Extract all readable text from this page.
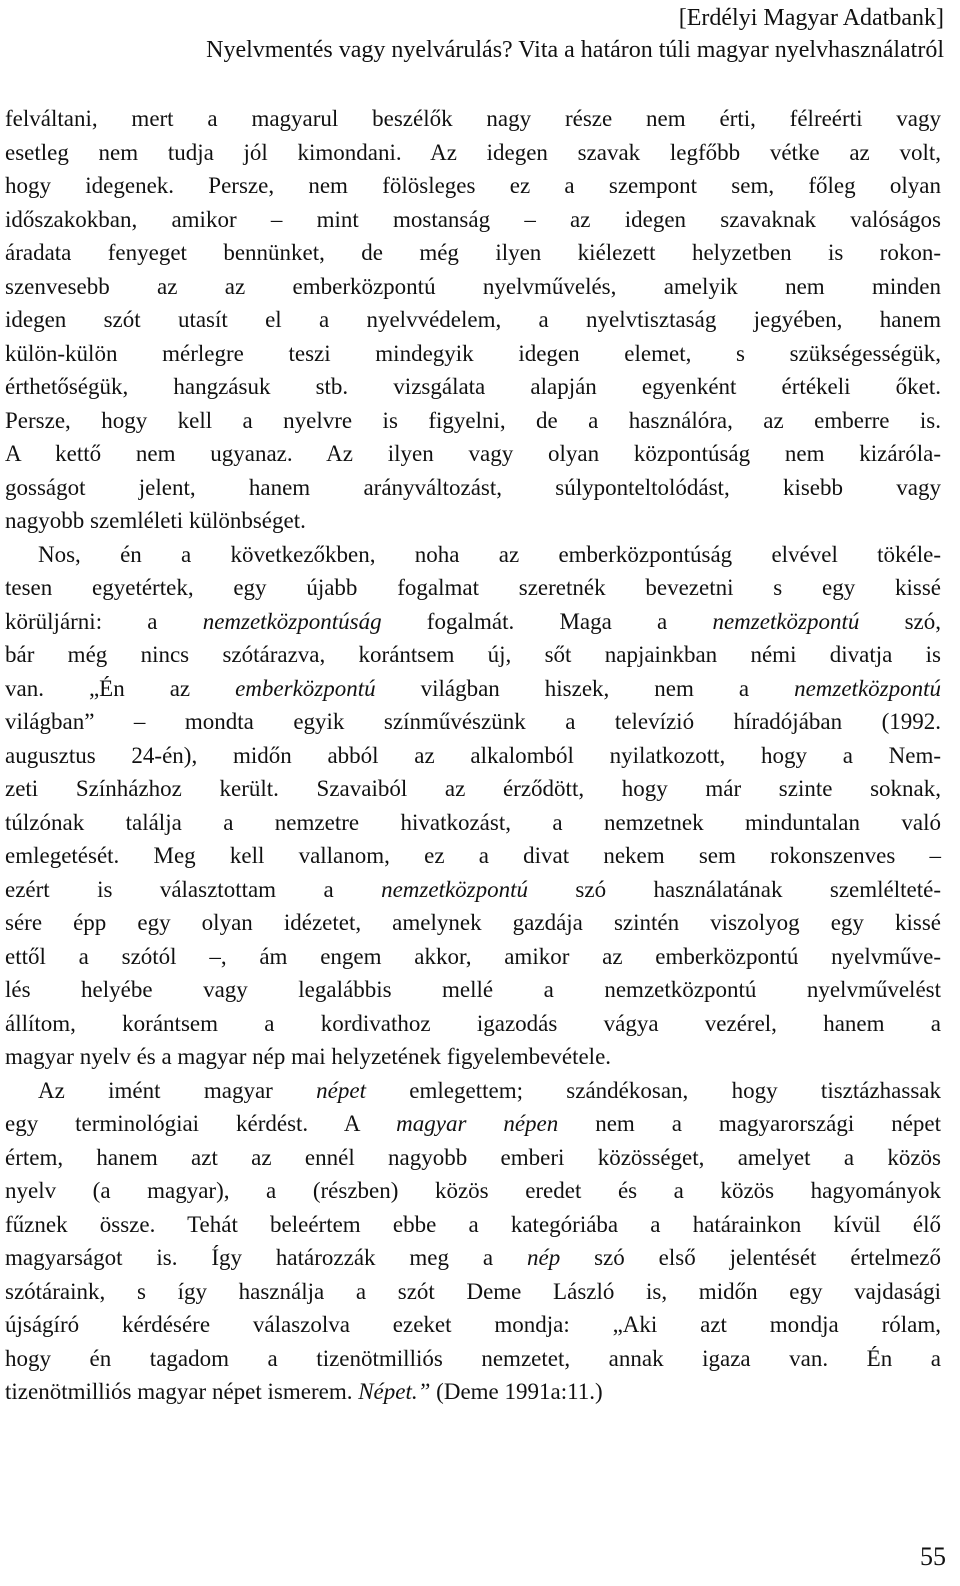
[Erdélyi Magyar Adatbank]
Nyelvmentés vagy nyelvárulás? Vita a határon túli magyar nyelvhasználatról

felváltani, mert a magyarul beszélők nagy része nem érti, félreérti vagy
esetleg nem tudja jól kimondani. Az idegen szavak legfőbb vétke az volt,
hogy idegenek. Persze, nem fölösleges ez a szempont sem, főleg olyan
időszakokban, amikor – mint mostanság – az idegen szavaknak valóságos
áradata fenyeget bennünket, de még ilyen kiélezett helyzetben is rokon-
szenvesebb az az emberközpontú nyelvművelés, amelyik nem minden
idegen szót utasít el a nyelvvédelem, a nyelvtisztaság jegyében, hanem
külön-külön mérlegre teszi mindegyik idegen elemet, s szükségességük,
érthetőségük, hangzásuk stb. vizsgálata alapján egyenként értékeli őket.
Persze, hogy kell a nyelvre is figyelni, de a használóra, az emberre is.
A kettő nem ugyanaz. Az ilyen vagy olyan központúság nem kizáróla-
gosságot jelent, hanem arányváltozást, súlyponteltolódást, kisebb vagy
nagyobb szemléleti különbséget.

Nos, én a következőkben, noha az emberközpontúság elvével tökéle-
tesen egyetértek, egy újabb fogalmat szeretnék bevezetni s egy kissé
körüljárni: a nemzetközpontúság fogalmát. Maga a nemzetközpontú szó,
bár még nincs szótárazva, korántsem új, sőt napjainkban némi divatja is
van. „Én az emberközpontú világban hiszek, nem a nemzetközpontú
világban” – mondta egyik színművészünk a televízió híradójában (1992.
augusztus 24-én), midőn abból az alkalomból nyilatkozott, hogy a Nem-
zeti Színházhoz került. Szavaiból az érződött, hogy már szinte soknak,
túlzónak találja a nemzetre hivatkozást, a nemzetnek minduntalan való
emlegetését. Meg kell vallanom, ez a divat nekem sem rokonszenves –
ezért is választottam a nemzetközpontú szó használatának szemlélteté-
sére épp egy olyan idézetet, amelynek gazdája szintén viszolyog egy kissé
ettől a szótól –, ám engem akkor, amikor az emberközpontú nyelvműve-
lés helyébe vagy legalábbis mellé a nemzetközpontú nyelvművelést
állítom, korántsem a kordivathoz igazodás vágya vezérel, hanem a
magyar nyelv és a magyar nép mai helyzetének figyelembevétele.

Az imént magyar népet emlegettem; szándékosan, hogy tisztázhassak
egy terminológiai kérdést. A magyar népen nem a magyarországi népet
értem, hanem azt az ennél nagyobb emberi közösséget, amelyet a közös
nyelv (a magyar), a (részben) közös eredet és a közös hagyományok
fűznek össze. Tehát beleértem ebbe a kategóriába a határainkon kívül élő
magyarságot is. Így határozzák meg a nép szó első jelentését értelmező
szótáraink, s így használja a szót Deme László is, midőn egy vajdasági
újságíró kérdésére válaszolva ezeket mondja: „Aki azt mondja rólam,
hogy én tagadom a tizenötmilliós nemzetet, annak igaza van. Én a
tizenötmilliós magyar népet ismerem. Népet.” (Deme 1991a:11.)

55
